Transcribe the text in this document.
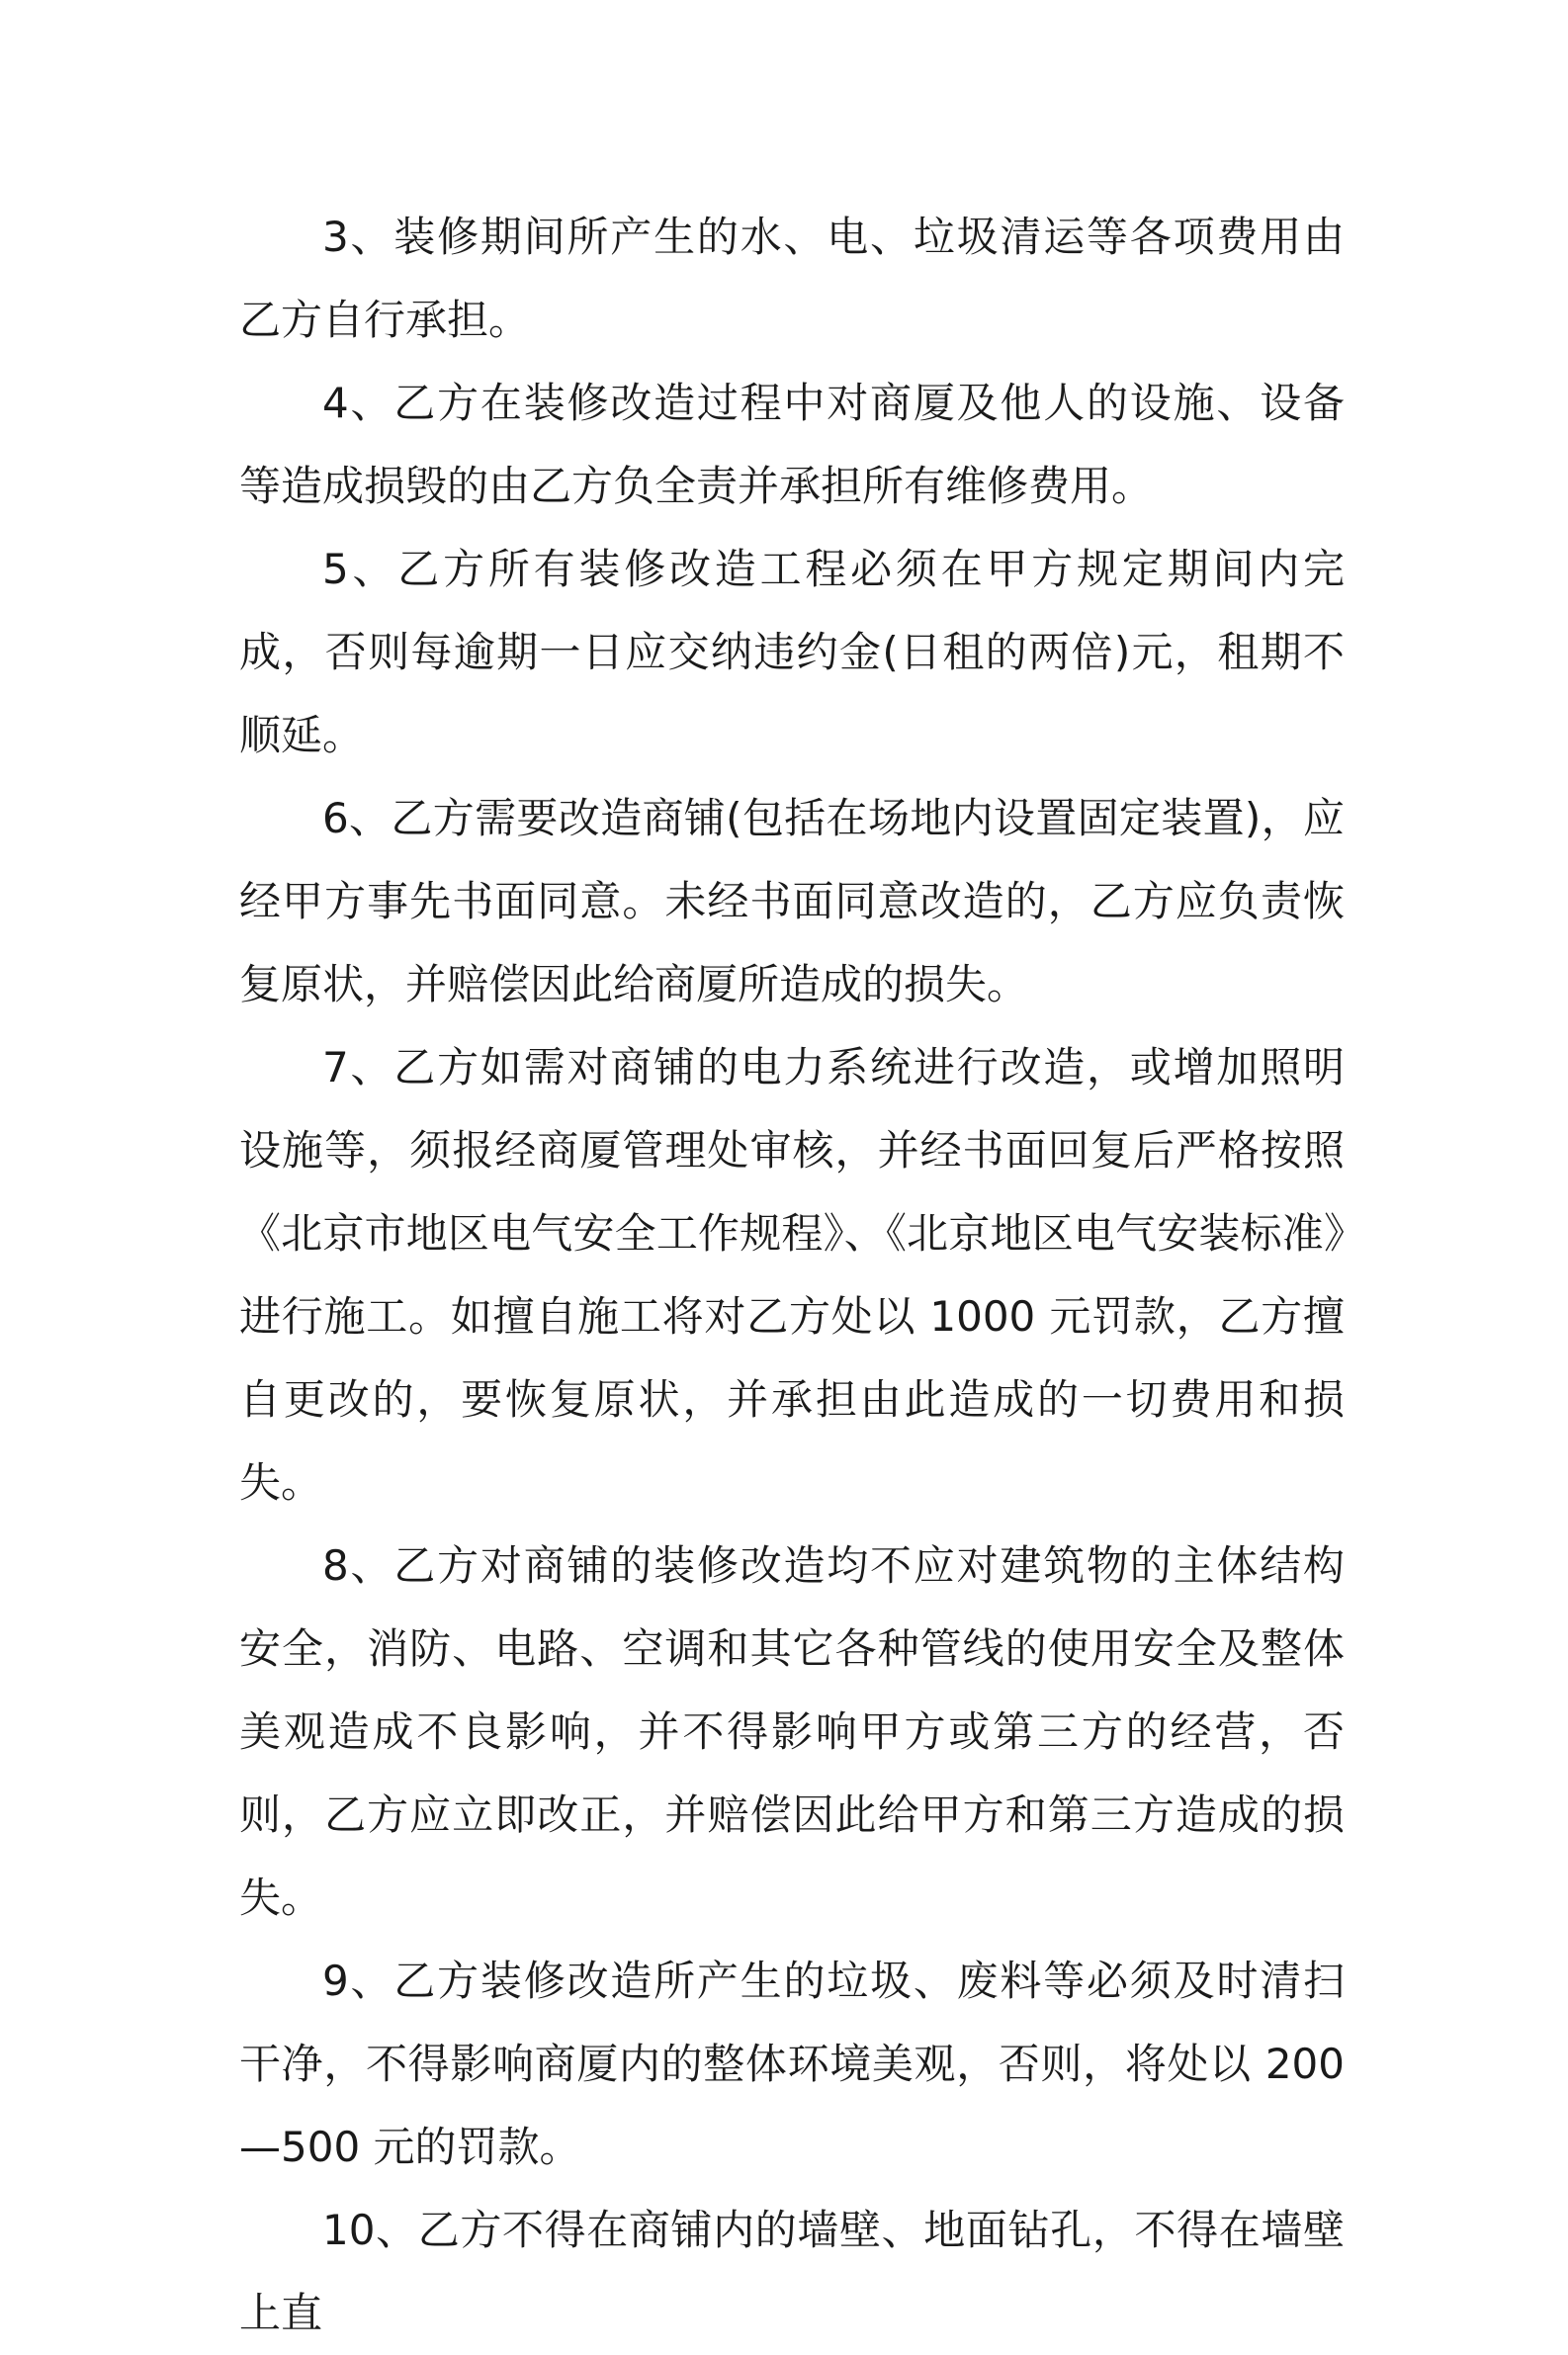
3、装修期间所产生的水、电、垃圾清运等各项费用由乙方自行承担。

4、乙方在装修改造过程中对商厦及他人的设施、设备等造成损毁的由乙方负全责并承担所有维修费用。

5、乙方所有装修改造工程必须在甲方规定期间内完成，否则每逾期一日应交纳违约金(日租的两倍)元，租期不顺延。

6、乙方需要改造商铺(包括在场地内设置固定装置)，应经甲方事先书面同意。未经书面同意改造的，乙方应负责恢复原状，并赔偿因此给商厦所造成的损失。

7、乙方如需对商铺的电力系统进行改造，或增加照明设施等，须报经商厦管理处审核，并经书面回复后严格按照《北京市地区电气安全工作规程》、《北京地区电气安装标准》进行施工。如擅自施工将对乙方处以 1000 元罚款，乙方擅自更改的，要恢复原状，并承担由此造成的一切费用和损失。

8、乙方对商铺的装修改造均不应对建筑物的主体结构安全，消防、电路、空调和其它各种管线的使用安全及整体美观造成不良影响，并不得影响甲方或第三方的经营，否则，乙方应立即改正，并赔偿因此给甲方和第三方造成的损失。

9、乙方装修改造所产生的垃圾、废料等必须及时清扫干净，不得影响商厦内的整体环境美观，否则，将处以 200—500 元的罚款。

10、乙方不得在商铺内的墙壁、地面钻孔，不得在墙壁上直
